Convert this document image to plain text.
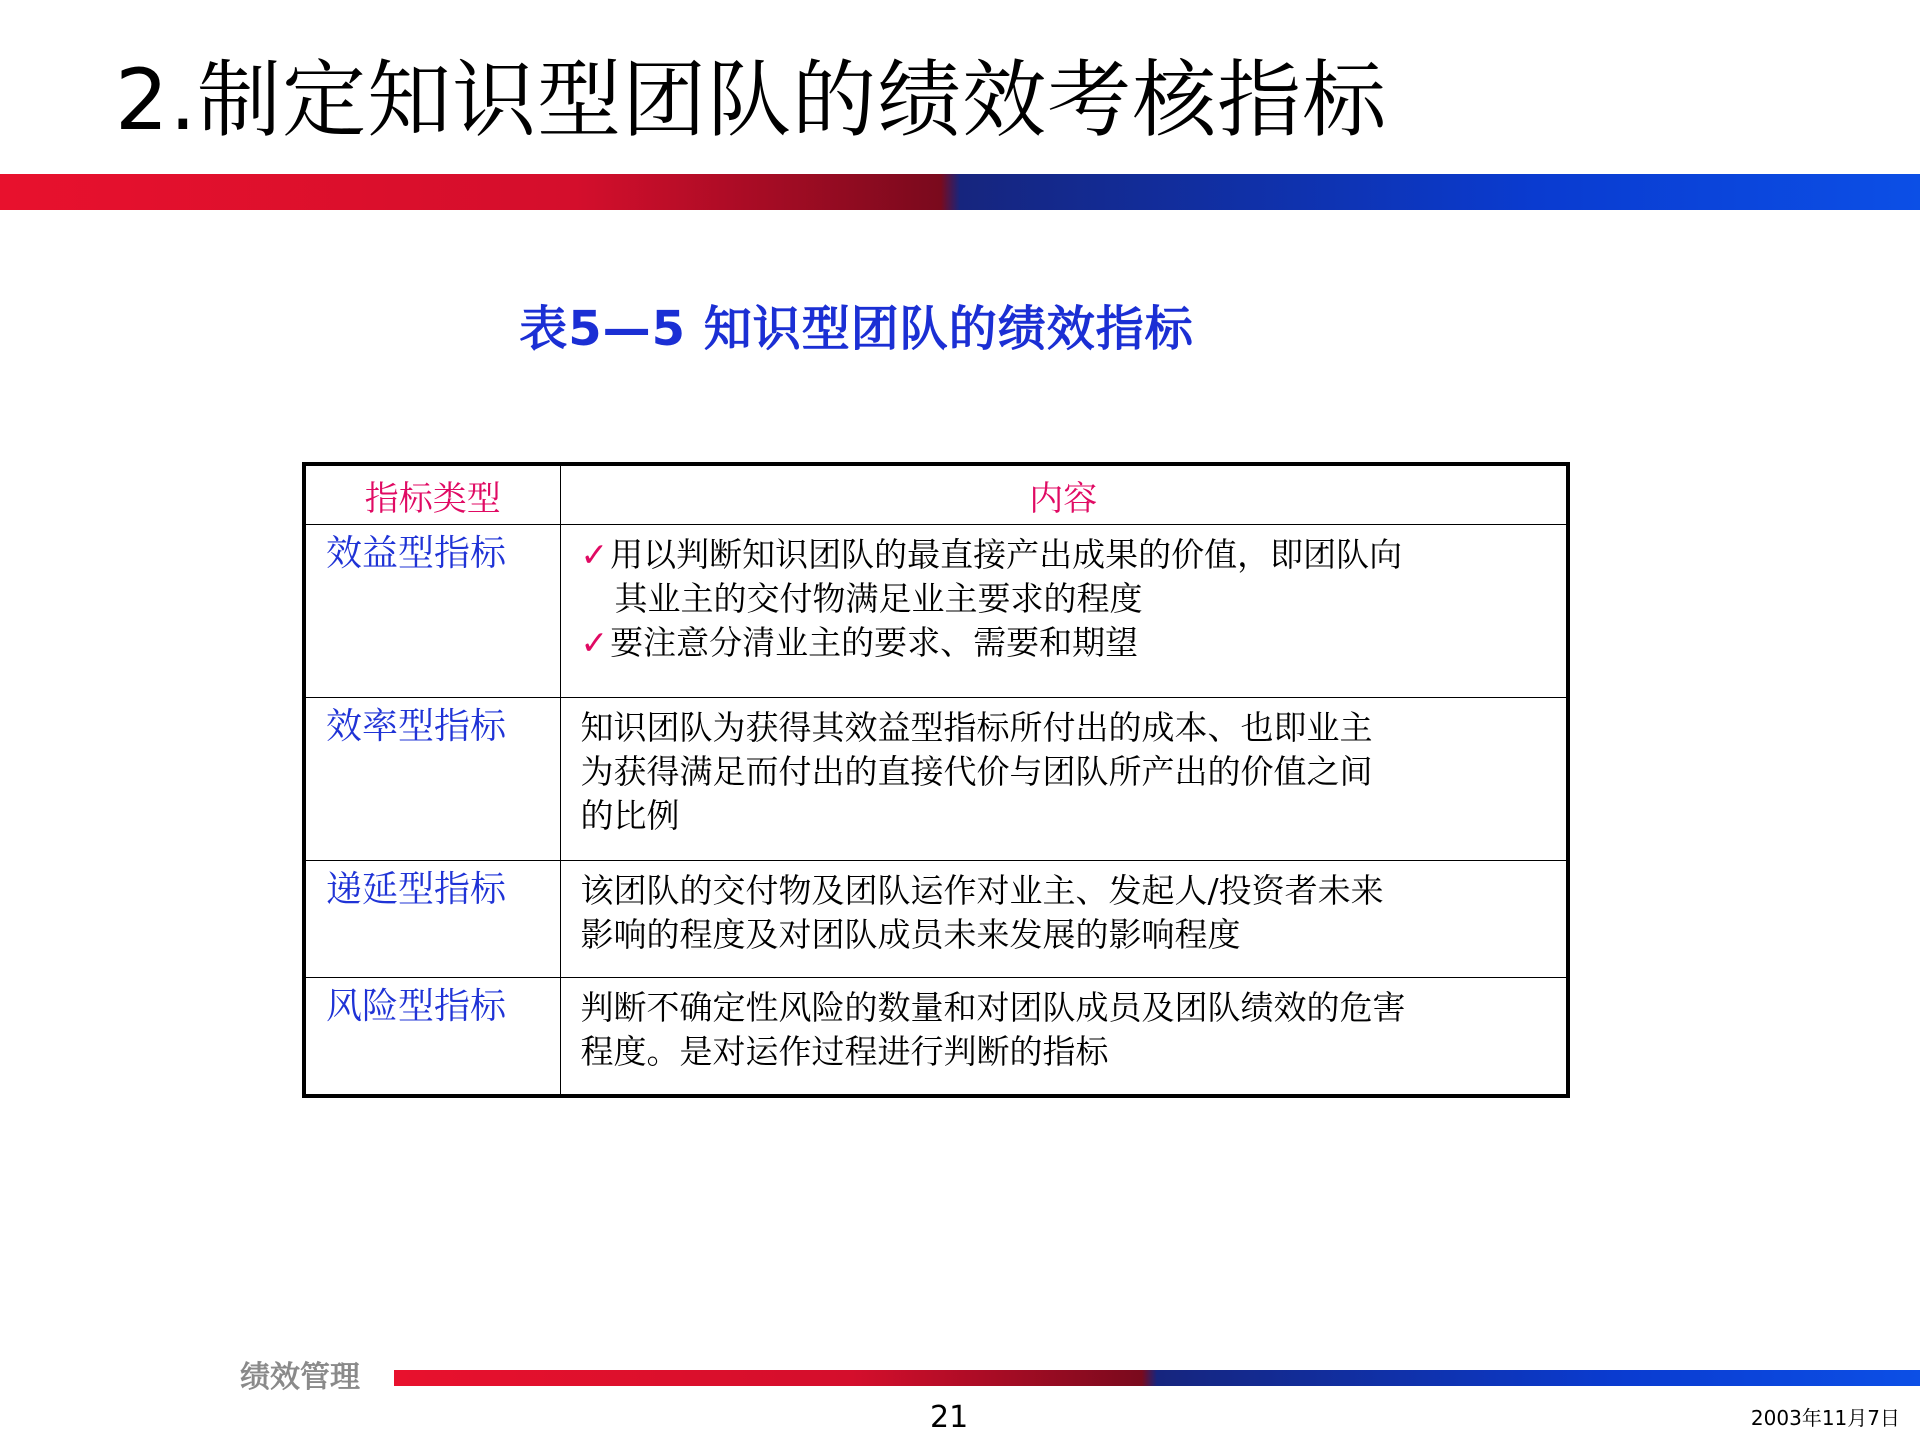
2.制定知识型团队的绩效考核指标
表5—5 知识型团队的绩效指标
指标类型	内容
效益型指标	✓用以判断知识团队的最直接产出成果的价值，即团队向
其业主的交付物满足业主要求的程度
✓要注意分清业主的要求、需要和期望

效率型指标	知识团队为获得其效益型指标所付出的成本、也即业主
为获得满足而付出的直接代价与团队所产出的价值之间
的比例

递延型指标	该团队的交付物及团队运作对业主、发起人/投资者未来
影响的程度及对团队成员未来发展的影响程度

风险型指标	判断不确定性风险的数量和对团队成员及团队绩效的危害
程度。是对运作过程进行判断的指标
绩效管理
21	2003年11月7日
